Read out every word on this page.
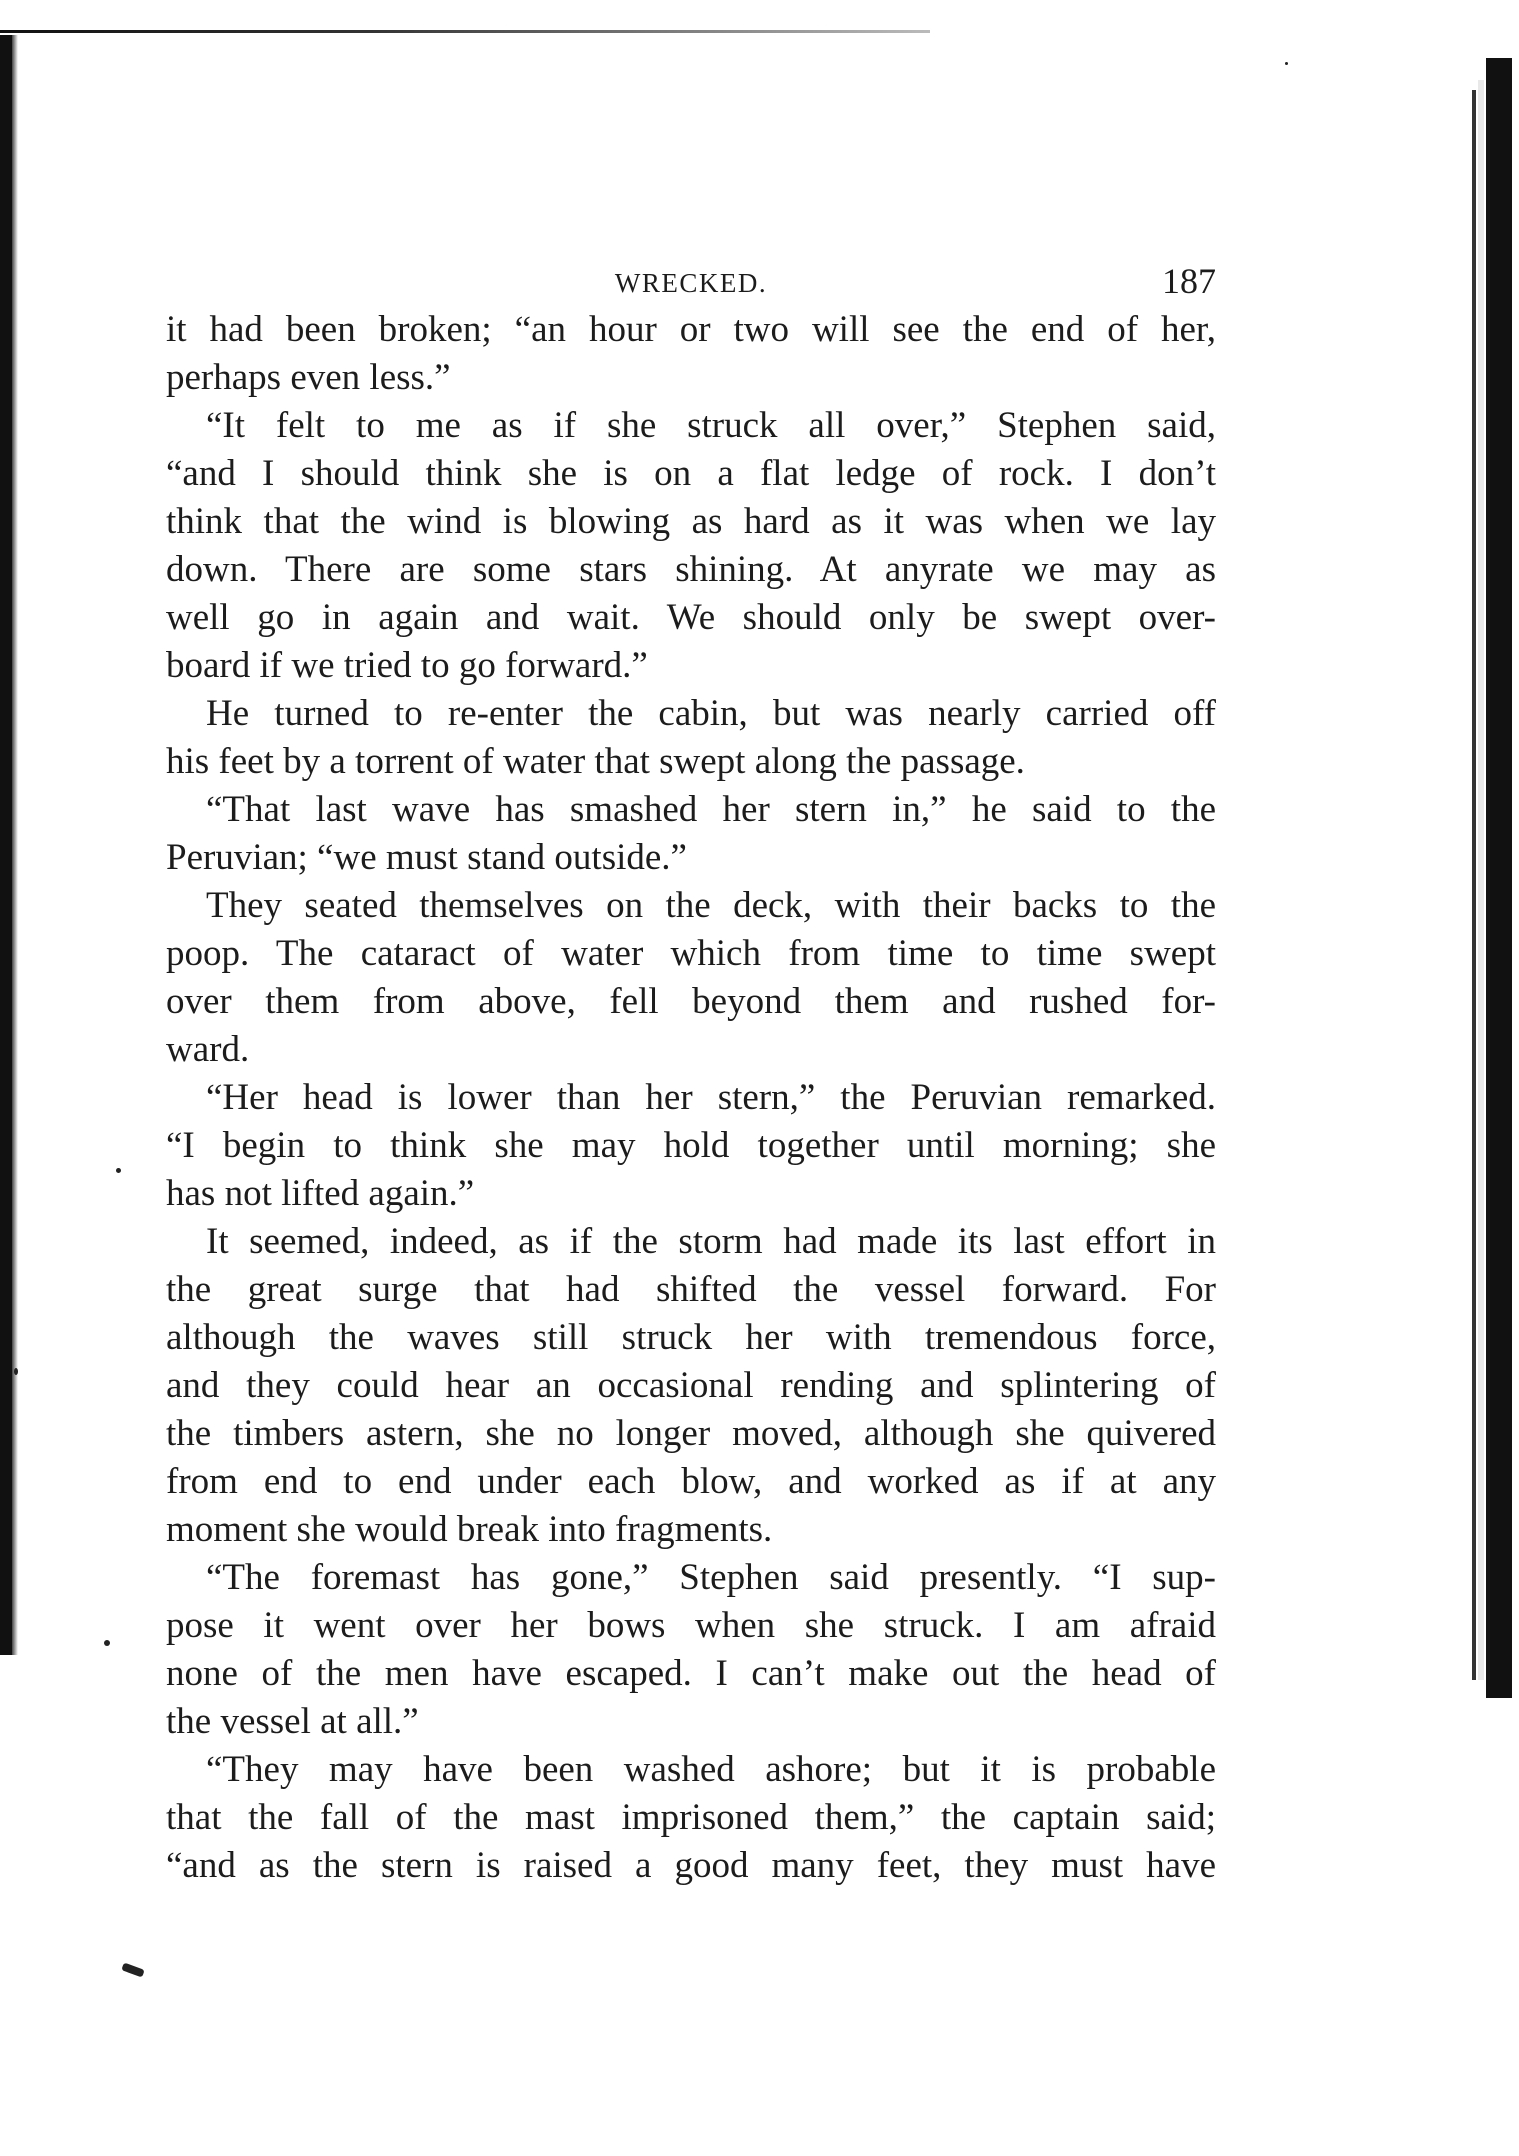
WRECKED.	187
it had been broken; “an hour or two will see the end of her,
perhaps even less.”
“It felt to me as if she struck all over,” Stephen said,
“and I should think she is on a flat ledge of rock. I don’t
think that the wind is blowing as hard as it was when we lay
down. There are some stars shining. At anyrate we may as
well go in again and wait. We should only be swept over-
board if we tried to go forward.”
He turned to re-enter the cabin, but was nearly carried off
his feet by a torrent of water that swept along the passage.
“That last wave has smashed her stern in,” he said to the
Peruvian; “we must stand outside.”
They seated themselves on the deck, with their backs to the
poop. The cataract of water which from time to time swept
over them from above, fell beyond them and rushed for-
ward.
“Her head is lower than her stern,” the Peruvian remarked.
“I begin to think she may hold together until morning; she
has not lifted again.”
It seemed, indeed, as if the storm had made its last effort in
the great surge that had shifted the vessel forward. For
although the waves still struck her with tremendous force,
and they could hear an occasional rending and splintering of
the timbers astern, she no longer moved, although she quivered
from end to end under each blow, and worked as if at any
moment she would break into fragments.
“The foremast has gone,” Stephen said presently. “I sup-
pose it went over her bows when she struck. I am afraid
none of the men have escaped. I can’t make out the head of
the vessel at all.”
“They may have been washed ashore; but it is probable
that the fall of the mast imprisoned them,” the captain said;
“and as the stern is raised a good many feet, they must have
